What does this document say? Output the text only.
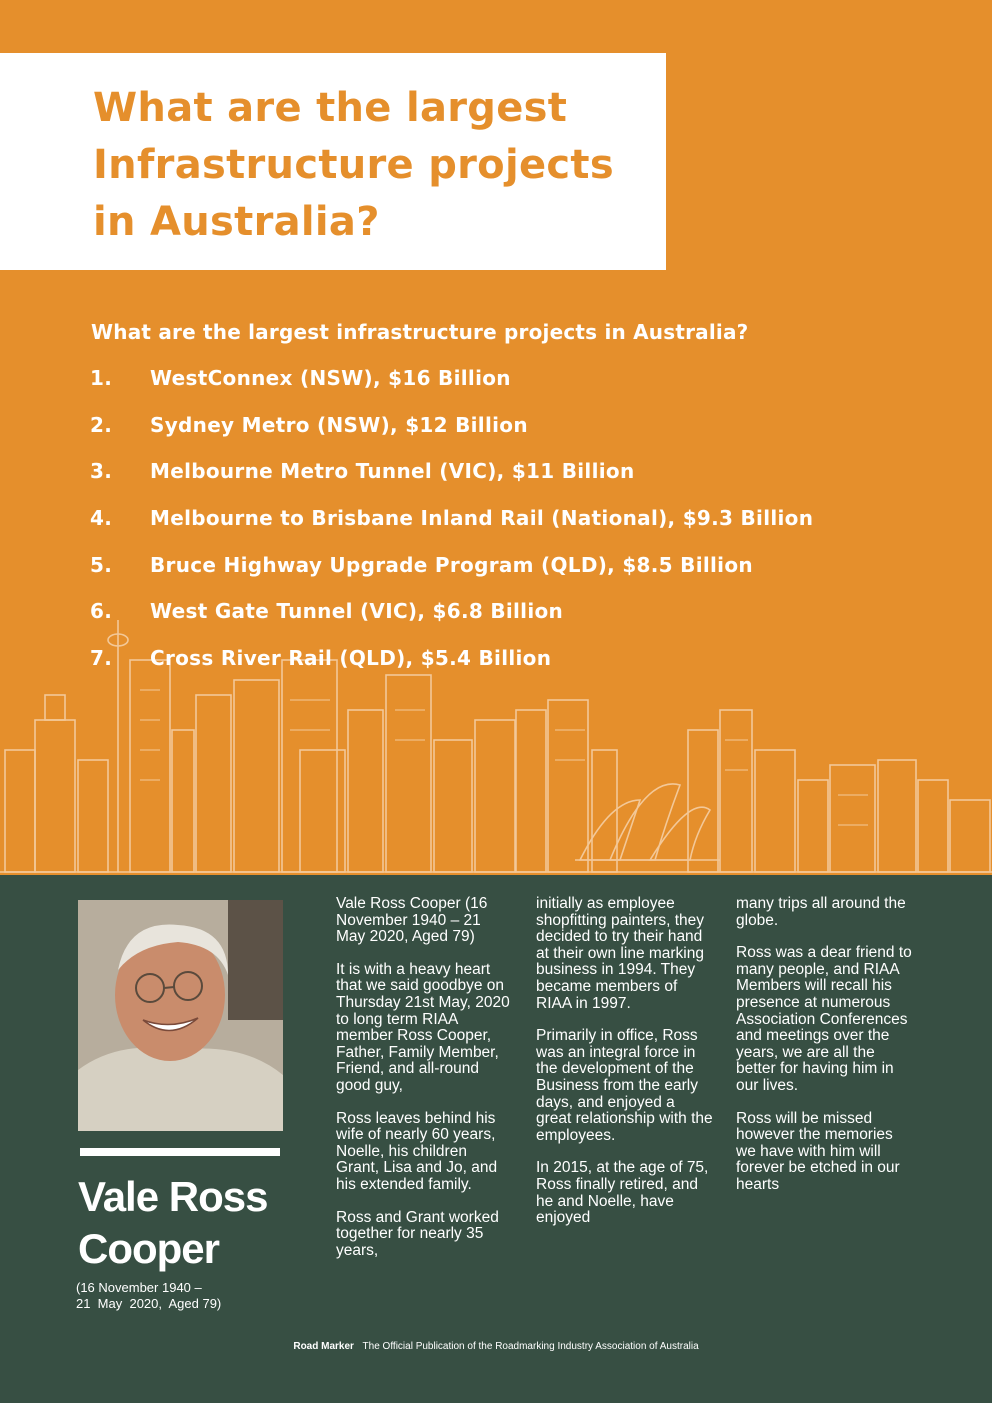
What are the largest Infrastructure projects in Australia?

What are the largest infrastructure projects in Australia?

1. WestConnex (NSW), $16 Billion
2. Sydney Metro (NSW), $12 Billion
3. Melbourne Metro Tunnel (VIC), $11 Billion
4. Melbourne to Brisbane Inland Rail (National), $9.3 Billion
5. Bruce Highway Upgrade Program (QLD), $8.5 Billion
6. West Gate Tunnel (VIC), $6.8 Billion
7. Cross River Rail (QLD), $5.4 Billion
Vale Ross
Cooper
(16 November 1940 –
21  May  2020,  Aged 79)

Vale Ross Cooper (16 November 1940 – 21 May 2020, Aged 79)

It is with a heavy heart that we said goodbye on Thursday 21st May, 2020 to long term RIAA member Ross Cooper, Father, Family Member, Friend, and all-round good guy,

Ross leaves behind his wife of nearly 60 years, Noelle, his children Grant, Lisa and Jo, and his extended family.

Ross and Grant worked together for nearly 35 years,

initially as employee shopfitting painters, they decided to try their hand at their own line marking business in 1994. They became members of RIAA in 1997.

Primarily in office, Ross was an integral force in the development of the Business from the early days, and enjoyed a great relationship with the employees.

In 2015, at the age of 75, Ross finally retired, and he and Noelle, have enjoyed

many trips all around the globe.

Ross was a dear friend to many people, and RIAA Members will recall his presence at numerous Association Conferences and meetings over the years, we are all the better for having him in our lives.

Ross will be missed however the memories we have with him will forever be etched in our hearts

Road Marker The Official Publication of the Roadmarking Industry Association of Australia
